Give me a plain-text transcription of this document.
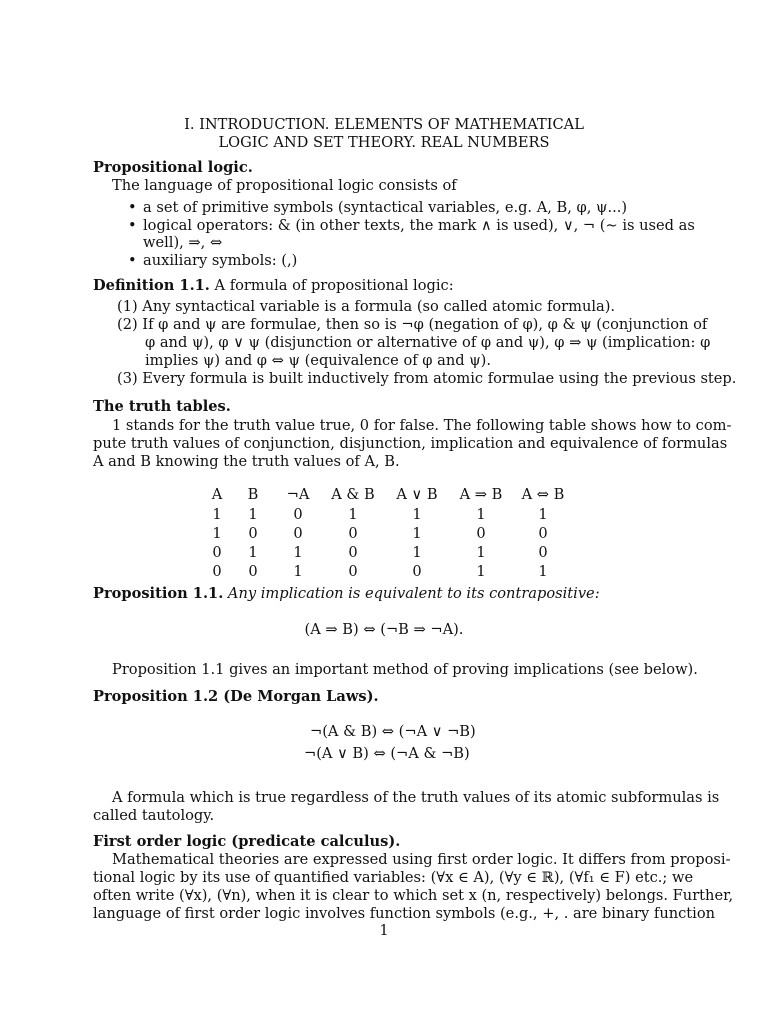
I. INTRODUCTION. ELEMENTS OF MATHEMATICAL
LOGIC AND SET THEORY. REAL NUMBERS
Propositional logic.
The language of propositional logic consists of
• a set of primitive symbols (syntactical variables, e.g. A, B, φ, ψ...)
• logical operators: & (in other texts, the mark ∧ is used), ∨, ¬ (∼ is used as
well), ⇒, ⇔
• auxiliary symbols: (,)
Definition 1.1. A formula of propositional logic:
(1) Any syntactical variable is a formula (so called atomic formula).
(2) If φ and ψ are formulae, then so is ¬φ (negation of φ), φ & ψ (conjunction of
φ and ψ), φ ∨ ψ (disjunction or alternative of φ and ψ), φ ⇒ ψ (implication: φ
implies ψ) and φ ⇔ ψ (equivalence of φ and ψ).
(3) Every formula is built inductively from atomic formulae using the previous step.
The truth tables.
1 stands for the truth value true, 0 for false. The following table shows how to com-
pute truth values of conjunction, disjunction, implication and equivalence of formulas
A and B knowing the truth values of A, B.
A	B	¬A	A & B	A ∨ B	A ⇒ B	A ⇔ B
1	1	0	1	1	1	1
1	0	0	0	1	0	0
0	1	1	0	1	1	0
0	0	1	0	0	1	1
Proposition 1.1. Any implication is equivalent to its contrapositive:
(A ⇒ B) ⇔ (¬B ⇒ ¬A).
Proposition 1.1 gives an important method of proving implications (see below).
Proposition 1.2 (De Morgan Laws).
¬(A & B) ⇔ (¬A ∨ ¬B)
¬(A ∨ B) ⇔ (¬A & ¬B)
A formula which is true regardless of the truth values of its atomic subformulas is
called tautology.
First order logic (predicate calculus).
Mathematical theories are expressed using first order logic. It differs from proposi-
tional logic by its use of quantified variables: (∀x ∈ A), (∀y ∈ ℝ), (∀f₁ ∈ F) etc.; we
often write (∀x), (∀n), when it is clear to which set x (n, respectively) belongs. Further,
language of first order logic involves function symbols (e.g., +, . are binary function
1
